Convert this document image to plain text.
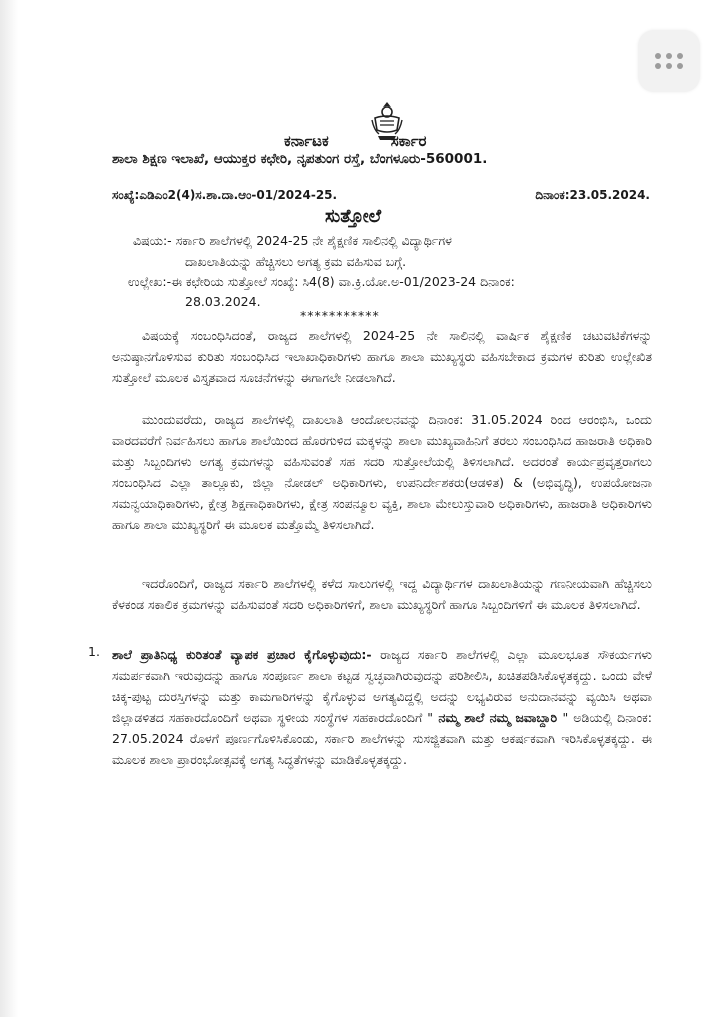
ಕರ್ನಾಟಕ	ಸರ್ಕಾರ
ಶಾಲಾ ಶಿಕ್ಷಣ ಇಲಾಖೆ, ಆಯುಕ್ತರ ಕಛೇರಿ, ನೃಪತುಂಗ ರಸ್ತೆ, ಬೆಂಗಳೂರು-560001.
ಸಂಖ್ಯೆ:ಎಡಿಎಂ2(4)ಸ.ಶಾ.ದಾ.ಆಂ-01/2024-25.	ದಿನಾಂಕ:23.05.2024.
ಸುತ್ತೋಲೆ
ವಿಷಯ:- ಸರ್ಕಾರಿ ಶಾಲೆಗಳಲ್ಲಿ 2024-25 ನೇ ಶೈಕ್ಷಣಿಕ ಸಾಲಿನಲ್ಲಿ ವಿದ್ಯಾರ್ಥಿಗಳ
ದಾಖಲಾತಿಯನ್ನು ಹೆಚ್ಚಿಸಲು ಅಗತ್ಯ ಕ್ರಮ ವಹಿಸುವ ಬಗ್ಗೆ.
ಉಲ್ಲೇಖ:-ಈ ಕಛೇರಿಯ ಸುತ್ತೋಲೆ ಸಂಖ್ಯೆ: ಸಿ4(8) ವಾ.ಕ್ರಿ.ಯೋ.ಅ-01/2023-24 ದಿನಾಂಕ:
28.03.2024.
***********

ವಿಷಯಕ್ಕೆ ಸಂಬಂಧಿಸಿದಂತೆ, ರಾಜ್ಯದ ಶಾಲೆಗಳಲ್ಲಿ 2024-25 ನೇ ಸಾಲಿನಲ್ಲಿ ವಾರ್ಷಿಕ ಶೈಕ್ಷಣಿಕ ಚಟುವಟಿಕೆಗಳನ್ನು ಅನುಷ್ಠಾನಗೊಳಿಸುವ ಕುರಿತು ಸಂಬಂಧಿಸಿದ ಇಲಾಖಾಧಿಕಾರಿಗಳು ಹಾಗೂ ಶಾಲಾ ಮುಖ್ಯಸ್ಥರು ವಹಿಸಬೇಕಾದ ಕ್ರಮಗಳ ಕುರಿತು ಉಲ್ಲೇಖಿತ ಸುತ್ತೋಲೆ ಮೂಲಕ ವಿಸ್ತೃತವಾದ ಸೂಚನೆಗಳನ್ನು ಈಗಾಗಲೇ ನೀಡಲಾಗಿದೆ.

ಮುಂದುವರೆದು, ರಾಜ್ಯದ ಶಾಲೆಗಳಲ್ಲಿ ದಾಖಲಾತಿ ಆಂದೋಲನವನ್ನು ದಿನಾಂಕ: 31.05.2024 ರಿಂದ ಆರಂಭಿಸಿ, ಒಂದು ವಾರದವರೆಗೆ ನಿರ್ವಹಿಸಲು ಹಾಗೂ ಶಾಲೆಯಿಂದ ಹೊರಗುಳಿದ ಮಕ್ಕಳನ್ನು ಶಾಲಾ ಮುಖ್ಯವಾಹಿನಿಗೆ ತರಲು ಸಂಬಂಧಿಸಿದ ಹಾಜರಾತಿ ಅಧಿಕಾರಿ ಮತ್ತು ಸಿಬ್ಬಂದಿಗಳು ಅಗತ್ಯ ಕ್ರಮಗಳನ್ನು ವಹಿಸುವಂತೆ ಸಹ ಸದರಿ ಸುತ್ತೋಲೆಯಲ್ಲಿ ತಿಳಿಸಲಾಗಿದೆ. ಅದರಂತೆ ಕಾರ್ಯಪ್ರವೃತ್ತರಾಗಲು ಸಂಬಂಧಿಸಿದ ಎಲ್ಲಾ ತಾಲ್ಲೂಕು, ಜಿಲ್ಲಾ ನೋಡಲ್ ಅಧಿಕಾರಿಗಳು, ಉಪನಿರ್ದೇಶಕರು(ಆಡಳಿತ) & (ಅಭಿವೃದ್ಧಿ), ಉಪಯೋಜನಾ ಸಮನ್ವಯಾಧಿಕಾರಿಗಳು, ಕ್ಷೇತ್ರ ಶಿಕ್ಷಣಾಧಿಕಾರಿಗಳು, ಕ್ಷೇತ್ರ ಸಂಪನ್ಮೂಲ ವ್ಯಕ್ತಿ, ಶಾಲಾ ಮೇಲುಸ್ತುವಾರಿ ಅಧಿಕಾರಿಗಳು, ಹಾಜರಾತಿ ಅಧಿಕಾರಿಗಳು ಹಾಗೂ ಶಾಲಾ ಮುಖ್ಯಸ್ಥರಿಗೆ ಈ ಮೂಲಕ ಮತ್ತೊಮ್ಮೆ ತಿಳಿಸಲಾಗಿದೆ.

ಇದರೊಂದಿಗೆ, ರಾಜ್ಯದ ಸರ್ಕಾರಿ ಶಾಲೆಗಳಲ್ಲಿ ಕಳೆದ ಸಾಲುಗಳಲ್ಲಿ ಇದ್ದ ವಿದ್ಯಾರ್ಥಿಗಳ ದಾಖಲಾತಿಯನ್ನು ಗಣನೀಯವಾಗಿ ಹೆಚ್ಚಿಸಲು ಕೆಳಕಂಡ ಸಕಾಲಿಕ ಕ್ರಮಗಳನ್ನು ವಹಿಸುವಂತೆ ಸದರಿ ಅಧಿಕಾರಿಗಳಿಗೆ, ಶಾಲಾ ಮುಖ್ಯಸ್ಥರಿಗೆ ಹಾಗೂ ಸಿಬ್ಬಂದಿಗಳಿಗೆ ಈ ಮೂಲಕ ತಿಳಿಸಲಾಗಿದೆ.

1. ಶಾಲೆ ಪ್ರಾತಿನಿಧ್ಯ ಕುರಿತಂತೆ ವ್ಯಾಪಕ ಪ್ರಚಾರ ಕೈಗೊಳ್ಳುವುದು:- ರಾಜ್ಯದ ಸರ್ಕಾರಿ ಶಾಲೆಗಳಲ್ಲಿ ಎಲ್ಲಾ ಮೂಲಭೂತ ಸೌಕರ್ಯಗಳು ಸಮರ್ಪಕವಾಗಿ ಇರುವುದನ್ನು ಹಾಗೂ ಸಂಪೂರ್ಣ ಶಾಲಾ ಕಟ್ಟಡ ಸ್ವಚ್ಛವಾಗಿರುವುದನ್ನು ಪರಿಶೀಲಿಸಿ, ಖಚಿತಪಡಿಸಿಕೊಳ್ಳತಕ್ಕದ್ದು. ಒಂದು ವೇಳೆ ಚಿಕ್ಕ-ಪುಟ್ಟ ದುರಸ್ತಿಗಳನ್ನು ಮತ್ತು ಕಾಮಗಾರಿಗಳನ್ನು ಕೈಗೊಳ್ಳುವ ಅಗತ್ಯವಿದ್ದಲ್ಲಿ ಅದನ್ನು ಲಭ್ಯವಿರುವ ಅನುದಾನವನ್ನು ವ್ಯಯಿಸಿ ಅಥವಾ ಜಿಲ್ಲಾಡಳಿತದ ಸಹಕಾರದೊಂದಿಗೆ ಅಥವಾ ಸ್ಥಳೀಯ ಸಂಸ್ಥೆಗಳ ಸಹಕಾರದೊಂದಿಗೆ " ನಮ್ಮ ಶಾಲೆ ನಮ್ಮ ಜವಾಬ್ದಾರಿ " ಅಡಿಯಲ್ಲಿ ದಿನಾಂಕ: 27.05.2024 ರೊಳಗೆ ಪೂರ್ಣಗೊಳಿಸಿಕೊಂಡು, ಸರ್ಕಾರಿ ಶಾಲೆಗಳನ್ನು ಸುಸಜ್ಜಿತವಾಗಿ ಮತ್ತು ಆಕರ್ಷಕವಾಗಿ ಇರಿಸಿಕೊಳ್ಳತಕ್ಕದ್ದು. ಈ ಮೂಲಕ ಶಾಲಾ ಪ್ರಾರಂಭೋತ್ಸವಕ್ಕೆ ಅಗತ್ಯ ಸಿದ್ಧತೆಗಳನ್ನು ಮಾಡಿಕೊಳ್ಳತಕ್ಕದ್ದು.
